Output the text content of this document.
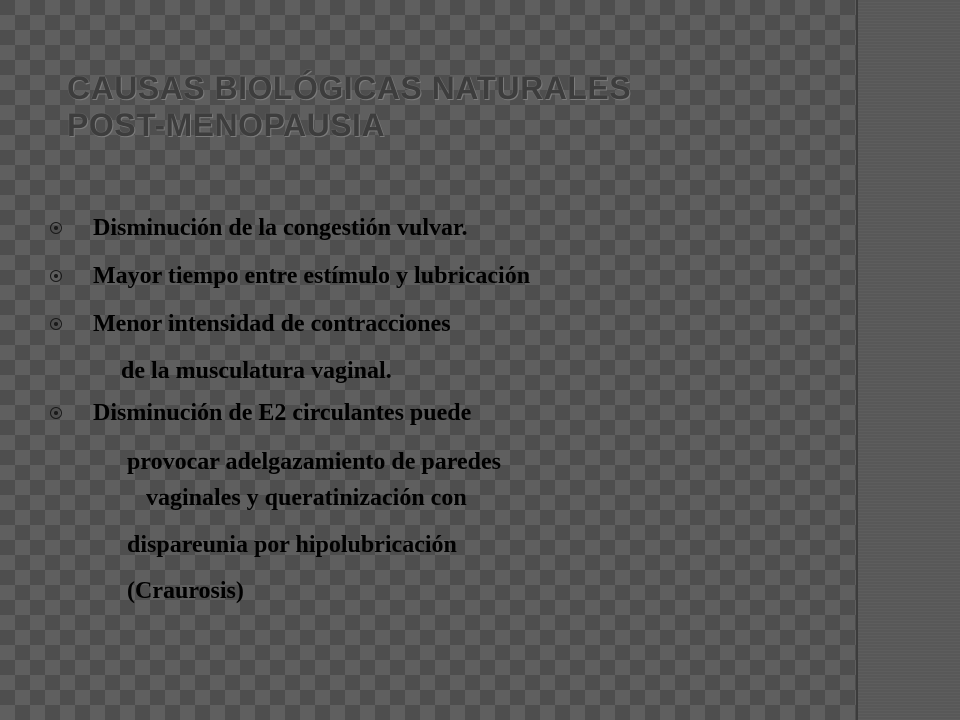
CAUSAS BIOLÓGICAS NATURALES
POST-MENOPAUSIA
Disminución de la congestión vulvar.
Mayor tiempo entre estímulo y lubricación
Menor intensidad de contracciones
de la musculatura vaginal.
Disminución de E2 circulantes puede
provocar adelgazamiento de paredes
vaginales y queratinización con
dispareunia por hipolubricación
(Craurosis)
